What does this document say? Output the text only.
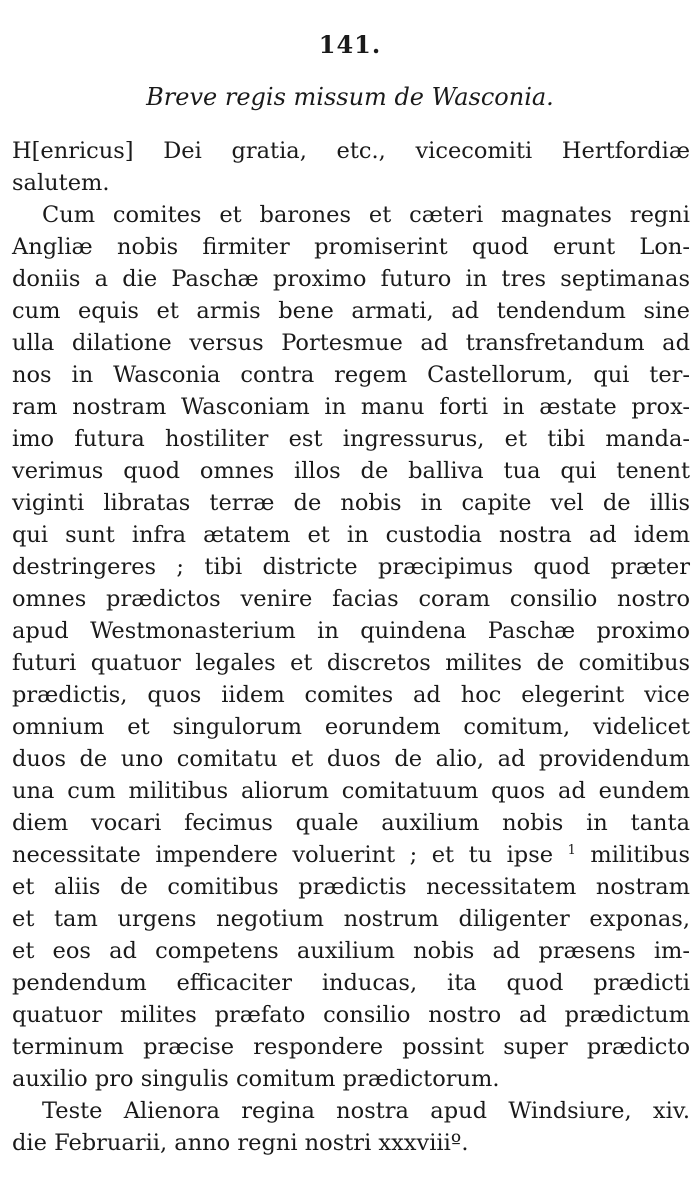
141.
Breve regis missum de Wasconia.
H[enricus] Dei gratia, etc., vicecomiti Hertfordiæ
salutem.
Cum comites et barones et cæteri magnates regni
Angliæ nobis firmiter promiserint quod erunt Lon-
doniis a die Paschæ proximo futuro in tres septimanas
cum equis et armis bene armati, ad tendendum sine
ulla dilatione versus Portesmue ad transfretandum ad
nos in Wasconia contra regem Castellorum, qui ter-
ram nostram Wasconiam in manu forti in æstate prox-
imo futura hostiliter est ingressurus, et tibi manda-
verimus quod omnes illos de balliva tua qui tenent
viginti libratas terræ de nobis in capite vel de illis
qui sunt infra ætatem et in custodia nostra ad idem
destringeres ; tibi districte præcipimus quod præter
omnes prædictos venire facias coram consilio nostro
apud Westmonasterium in quindena Paschæ proximo
futuri quatuor legales et discretos milites de comitibus
prædictis, quos iidem comites ad hoc elegerint vice
omnium et singulorum eorundem comitum, videlicet
duos de uno comitatu et duos de alio, ad providendum
una cum militibus aliorum comitatuum quos ad eundem
diem vocari fecimus quale auxilium nobis in tanta
necessitate impendere voluerint ; et tu ipse $^1$ militibus
et aliis de comitibus prædictis necessitatem nostram
et tam urgens negotium nostrum diligenter exponas,
et eos ad competens auxilium nobis ad præsens im-
pendendum efficaciter inducas, ita quod prædicti
quatuor milites præfato consilio nostro ad prædictum
terminum præcise respondere possint super prædicto
auxilio pro singulis comitum prædictorum.
Teste Alienora regina nostra apud Windsiure, xiv.
die Februarii, anno regni nostri xxxviiiº.
